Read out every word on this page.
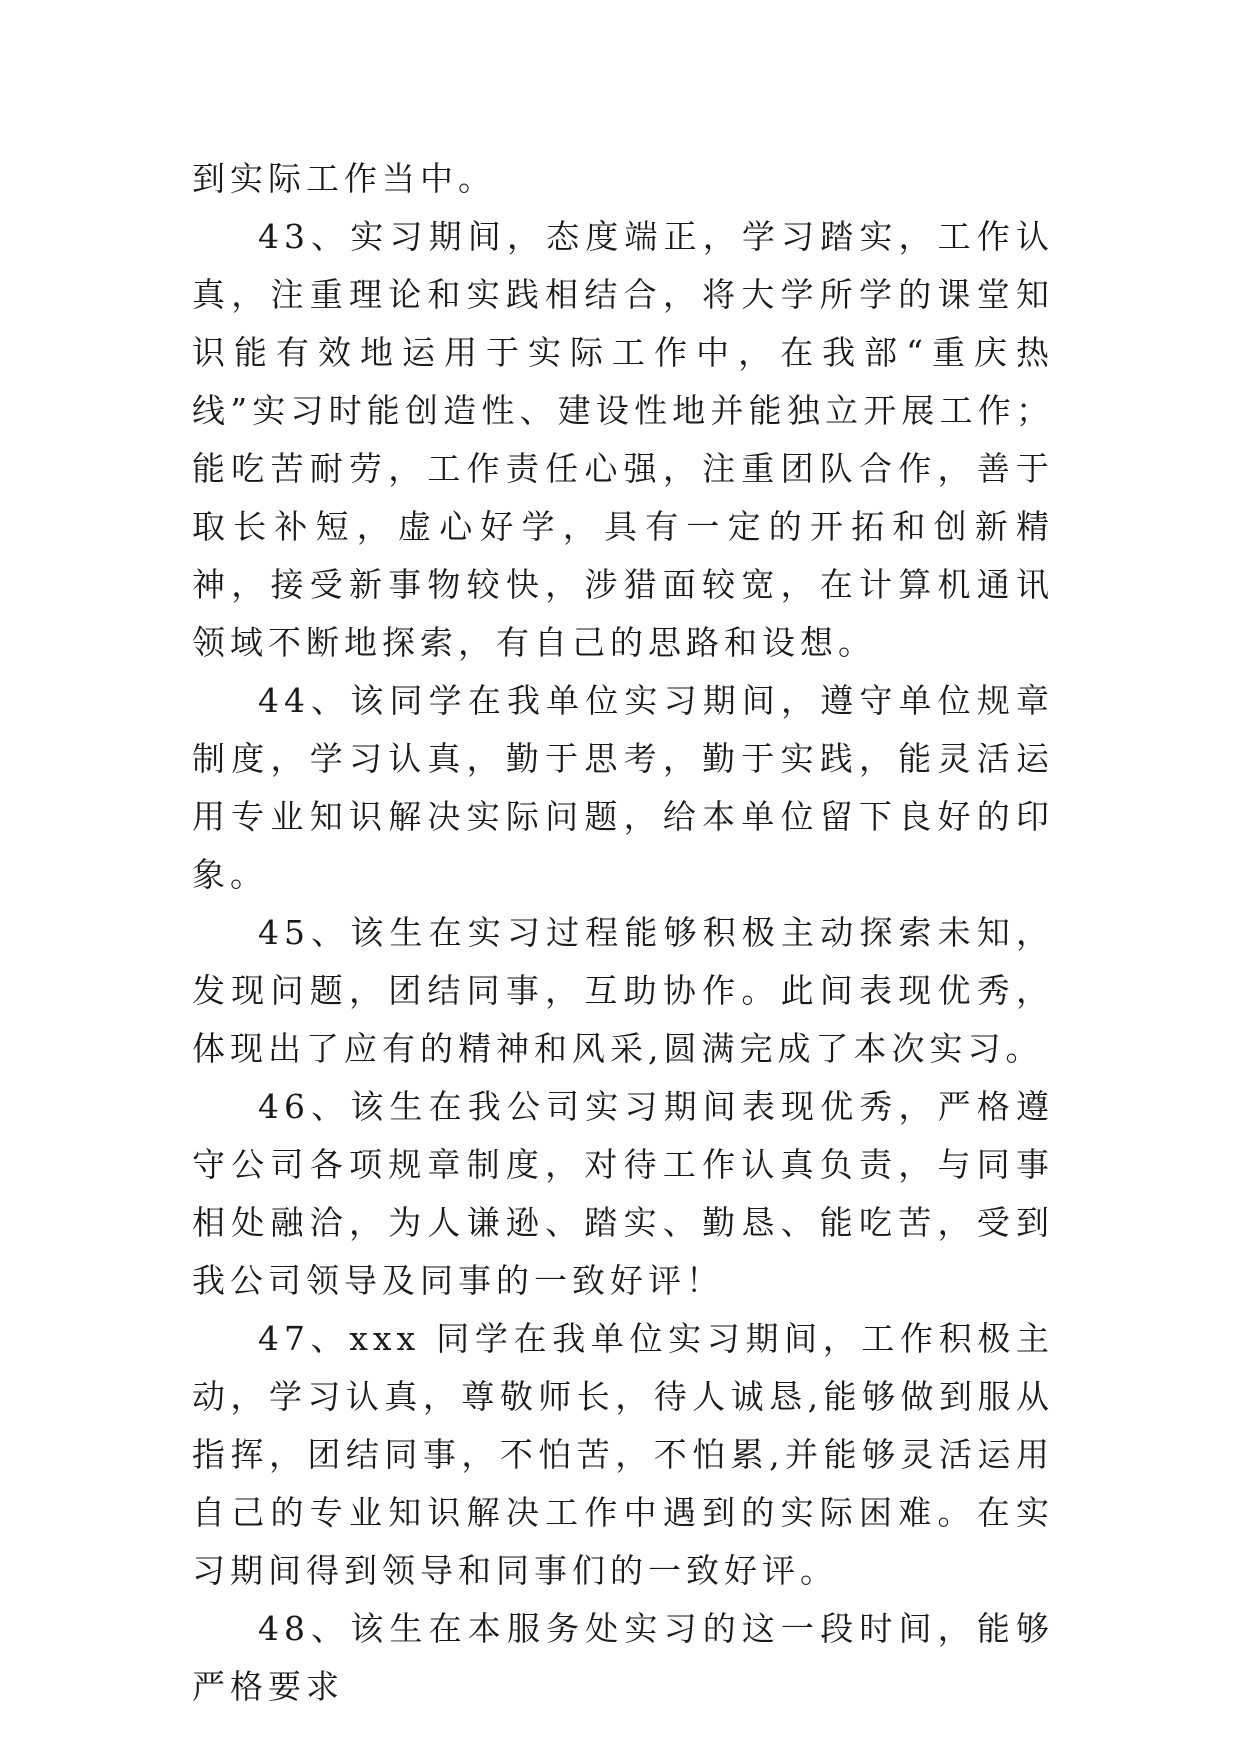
到实际工作当中。

43、实习期间，态度端正，学习踏实，工作认真，注重理论和实践相结合，将大学所学的课堂知识能有效地运用于实际工作中，在我部“重庆热线”实习时能创造性、建设性地并能独立开展工作；能吃苦耐劳，工作责任心强，注重团队合作，善于取长补短，虚心好学，具有一定的开拓和创新精神，接受新事物较快，涉猎面较宽，在计算机通讯领域不断地探索，有自己的思路和设想。

44、该同学在我单位实习期间，遵守单位规章制度，学习认真，勤于思考，勤于实践，能灵活运用专业知识解决实际问题，给本单位留下良好的印象。

45、该生在实习过程能够积极主动探索未知，发现问题，团结同事，互助协作。此间表现优秀，体现出了应有的精神和风采,圆满完成了本次实习。

46、该生在我公司实习期间表现优秀，严格遵守公司各项规章制度，对待工作认真负责，与同事相处融洽，为人谦逊、踏实、勤恳、能吃苦，受到我公司领导及同事的一致好评！

47、xxx 同学在我单位实习期间，工作积极主动，学习认真，尊敬师长，待人诚恳,能够做到服从指挥，团结同事，不怕苦，不怕累,并能够灵活运用自己的专业知识解决工作中遇到的实际困难。在实习期间得到领导和同事们的一致好评。

48、该生在本服务处实习的这一段时间，能够严格要求
